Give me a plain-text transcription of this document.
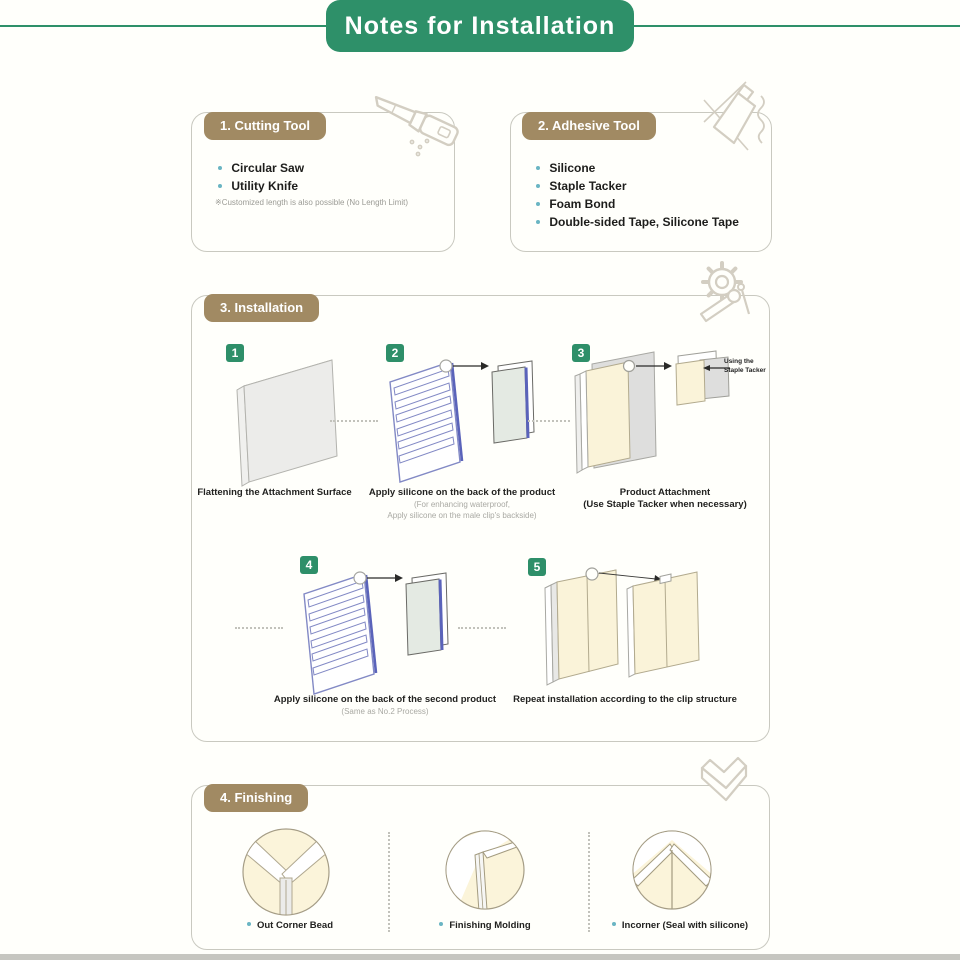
Notes for Installation
1. Cutting Tool
Circular Saw
Utility Knife
※Customized length is also possible (No Length Limit)
2. Adhesive Tool
Silicone
Staple Tacker
Foam Bond
Double-sided Tape, Silicone Tape
3. Installation
1
Flattening the Attachment Surface
2
Apply silicone on the back of the product
(For enhancing waterproof,
Apply silicone on the male clip's backside)
3
Using the Staple Tacker
Product Attachment
(Use Staple Tacker when necessary)
4
Apply silicone on the back of the second product
(Same as No.2 Process)
5
Repeat installation according to the clip structure
4. Finishing
Out Corner Bead	Finishing Molding	Incorner (Seal with silicone)
